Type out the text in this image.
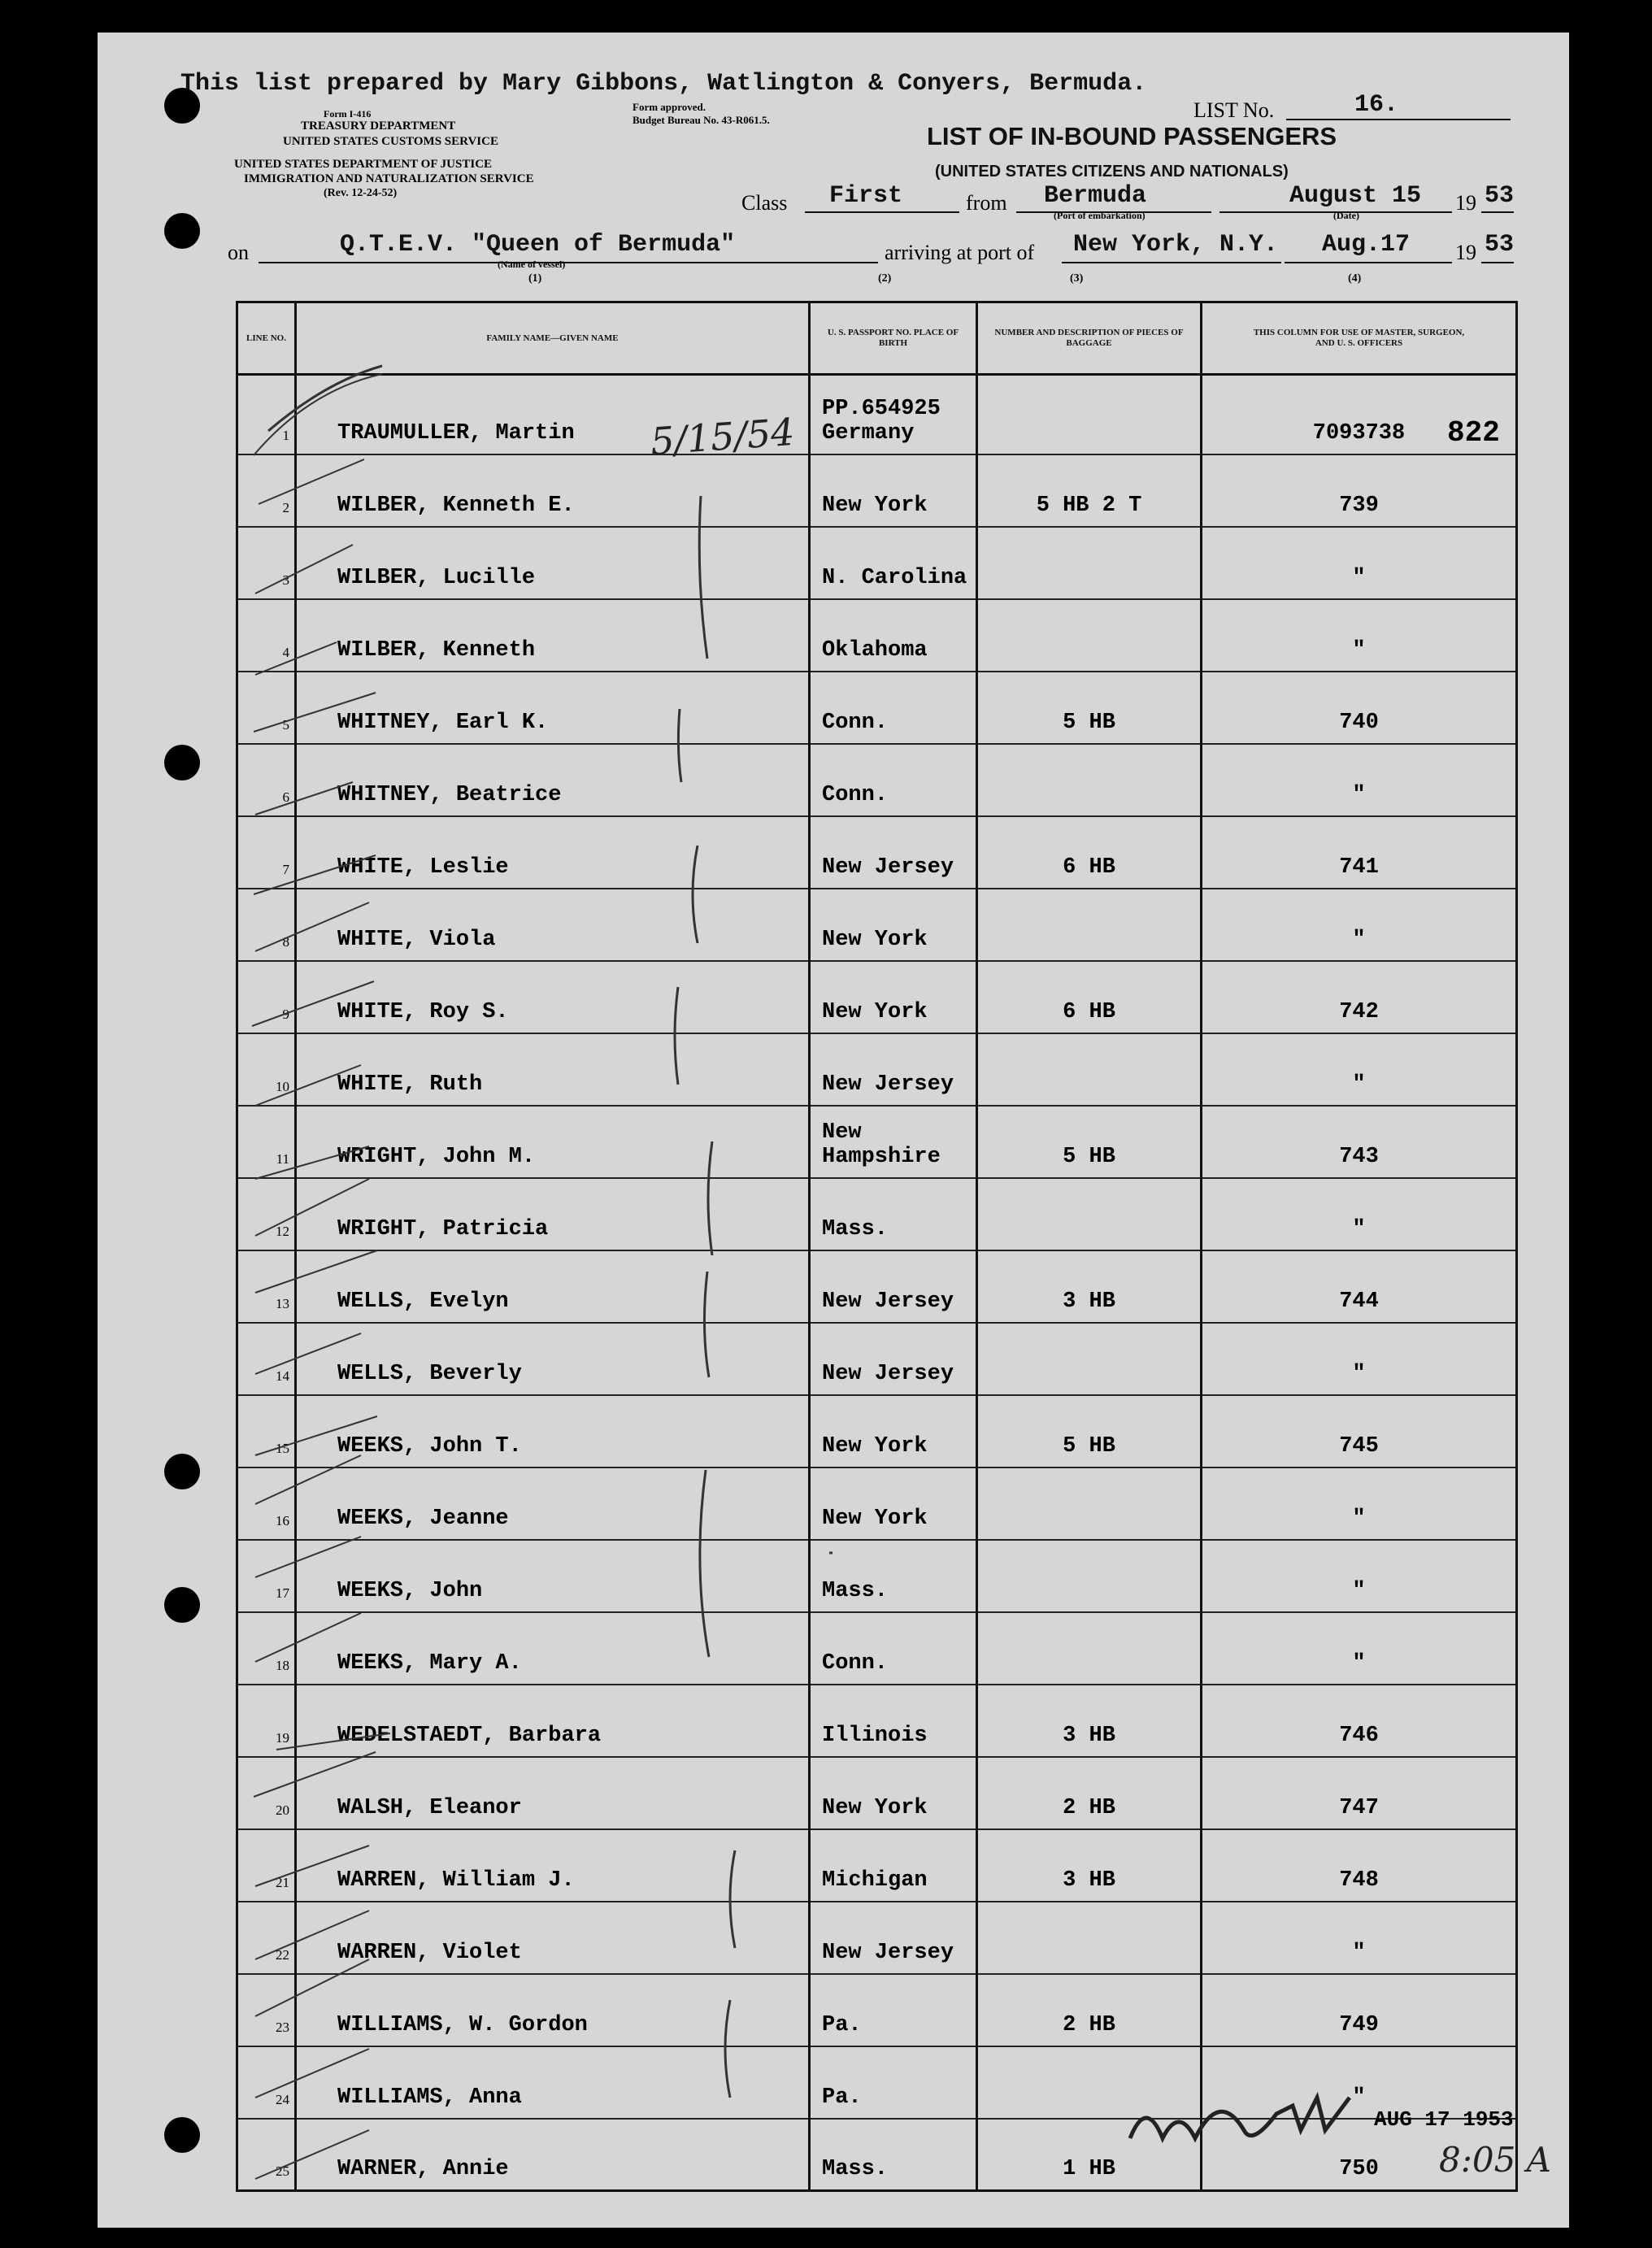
This list prepared by Mary Gibbons, Watlington & Conyers, Bermuda.
Form I-416
TREASURY DEPARTMENT
UNITED STATES CUSTOMS SERVICE
UNITED STATES DEPARTMENT OF JUSTICE
IMMIGRATION AND NATURALIZATION SERVICE
(Rev. 12-24-52)
Form approved.
Budget Bureau No. 43-R061.5.	LIST No.	16.
LIST OF IN-BOUND PASSENGERS
(UNITED STATES CITIZENS AND NATIONALS)
Class First	from Bermuda
(Port of embarkation)
August 15
(Date)
19 53
on	Q.T.E.V. "Queen of Bermuda"
(Name of vessel)
(1)
arriving at port of New York, N.Y. Aug.17 19 53
(2)	(3)	(4)
LINE NO.	FAMILY NAME—GIVEN NAME	U. S. PASSPORT NO. PLACE OF BIRTH	NUMBER AND DESCRIPTION OF PIECES OF BAGGAGE	THIS COLUMN FOR USE OF MASTER, SURGEON, AND U. S. OFFICERS
1	TRAUMULLER, Martin	PP.654925 Germany		7093738
2	WILBER, Kenneth E.	New York	5 HB 2 T	739
3	WILBER, Lucille	N. Carolina		"
4	WILBER, Kenneth	Oklahoma		"
5	WHITNEY, Earl K.	Conn.	5 HB	740
6	WHITNEY, Beatrice	Conn.		"
7	WHITE, Leslie	New Jersey	6 HB	741
8	WHITE, Viola	New York		"
9	WHITE, Roy S.	New York	6 HB	742
10	WHITE, Ruth	New Jersey		"
11	WRIGHT, John M.	New Hampshire	5 HB	743
12	WRIGHT, Patricia	Mass.		"
13	WELLS, Evelyn	New Jersey	3 HB	744
14	WELLS, Beverly	New Jersey		"
15	WEEKS, John T.	New York	5 HB	745
16	WEEKS, Jeanne	New York		"
17	WEEKS, John	Mass.		"
18	WEEKS, Mary A.	Conn.		"
19	WEDELSTAEDT, Barbara	Illinois	3 HB	746
20	WALSH, Eleanor	New York	2 HB	747
21	WARREN, William J.	Michigan	3 HB	748
22	WARREN, Violet	New Jersey		"
23	WILLIAMS, W. Gordon	Pa.	2 HB	749
24	WILLIAMS, Anna	Pa.		"
25	WARNER, Annie	Mass.	1 HB	750
5/15/54	822
AUG 17 1953
8:05 A
